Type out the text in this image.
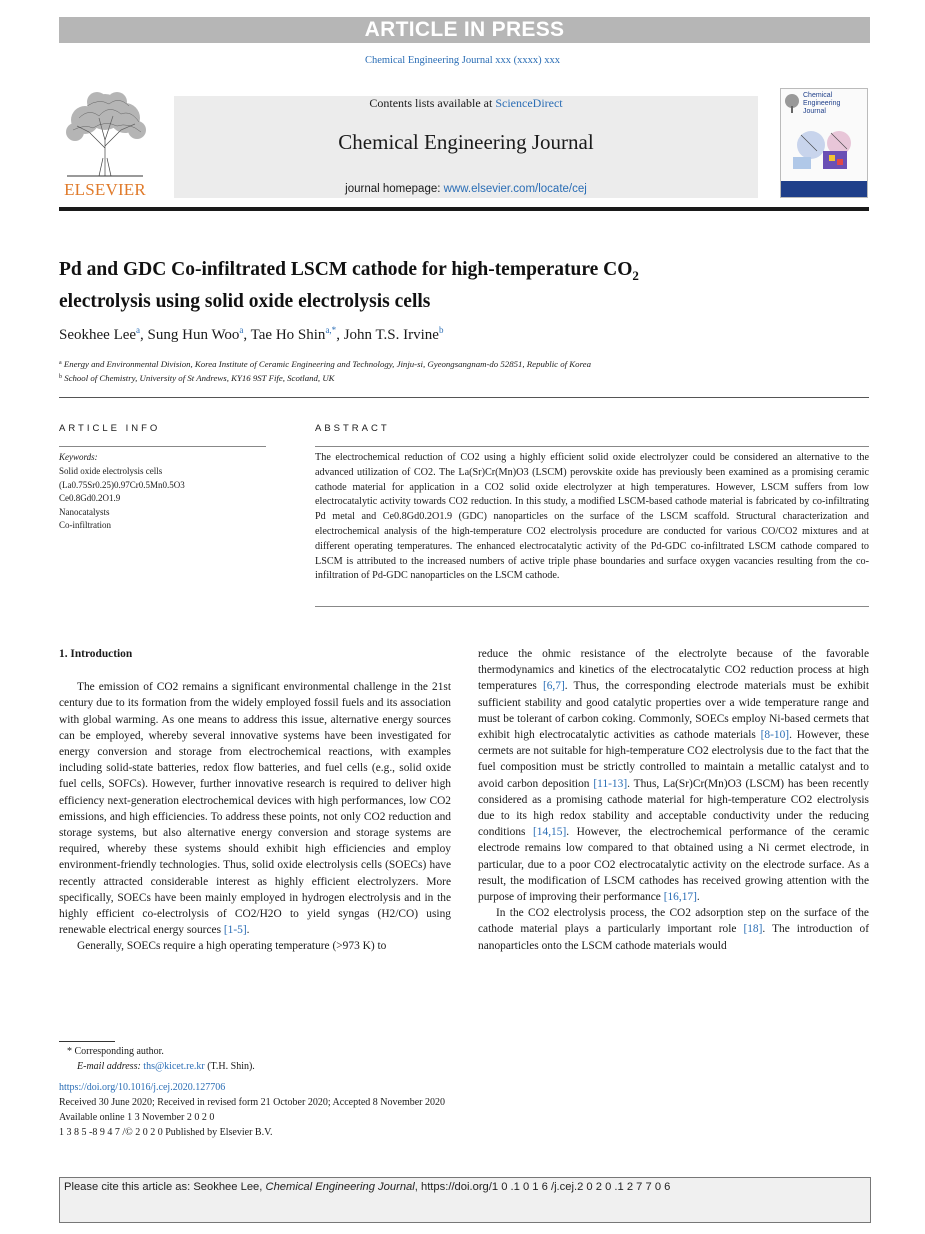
ARTICLE IN PRESS
Chemical Engineering Journal xxx (xxxx) xxx
ELSEVIER
Contents lists available at ScienceDirect
Chemical Engineering Journal
journal homepage: www.elsevier.com/locate/cej
Chemical
Engineering
Journal
Pd and GDC Co-infiltrated LSCM cathode for high-temperature $CO_2$
electrolysis using solid oxide electrolysis cells
Seokhee Lee$^a$, Sung Hun Woo$^a$, Tae Ho Shin$^{a,*}$, John T.S. Irvine$^b$
$^a$ Energy and Environmental Division, Korea Institute of Ceramic Engineering and Technology, Jinju-si, Gyeongsangnam-do 52851, Republic of Korea
$^b$ School of Chemistry, University of St Andrews, KY16 9ST Fife, Scotland, UK
ARTICLE INFO
Keywords:
Solid oxide electrolysis cells
(La0.75Sr0.25)0.97Cr0.5Mn0.5O3
Ce0.8Gd0.2O1.9
Nanocatalysts
Co-infiltration
ABSTRACT

The electrochemical reduction of CO2 using a highly efficient solid oxide electrolyzer could be considered an alternative to the advanced utilization of CO2. The La(Sr)Cr(Mn)O3 (LSCM) perovskite oxide has previously been examined as a promising ceramic cathode material for application in a CO2 solid oxide electrolyzer at high temperatures. However, LSCM suffers from low electrocatalytic activity towards CO2 reduction. In this study, a modified LSCM-based cathode material is fabricated by co-infiltrating Pd metal and Ce0.8Gd0.2O1.9 (GDC) nanoparticles on the surface of the LSCM scaffold. Structural characterization and electrochemical analysis of the high-temperature CO2 electrolysis procedure are conducted for various CO/CO2 mixtures and at different operating temperatures. The enhanced electrocatalytic activity of the Pd-GDC co-infiltrated LSCM cathode compared to LSCM is attributed to the increased numbers of active triple phase boundaries and surface oxygen vacancies resulting from the co-infiltration of Pd-GDC nanoparticles on the LSCM cathode.

1. Introduction

The emission of CO2 remains a significant environmental challenge in the 21st century due to its formation from the widely employed fossil fuels and its association with global warming. As one means to address this issue, alternative energy sources can be employed, whereby several innovative systems have been investigated for energy conversion and storage from electrochemical reactions, with examples including solid-state batteries, redox flow batteries, and fuel cells (e.g., solid oxide fuel cells, SOFCs). However, further innovative research is required to deliver high efficiency next-generation electrochemical devices with high performances, low CO2 emissions, and high efficiencies. To address these points, not only CO2 reduction and storage systems, but also alternative energy conversion and storage systems are required, whereby these systems should exhibit high efficiencies and employ environment-friendly technologies. Thus, solid oxide electrolysis cells (SOECs) have recently attracted considerable interest as highly efficient electrolyzers. More specifically, SOECs have been mainly employed in hydrogen electrolysis and in the highly efficient co-electrolysis of CO2/H2O to yield syngas (H2/CO) using renewable electrical energy sources [1-5].

Generally, SOECs require a high operating temperature (>973 K) to

reduce the ohmic resistance of the electrolyte because of the favorable thermodynamics and kinetics of the electrocatalytic CO2 reduction process at high temperatures [6,7]. Thus, the corresponding electrode materials must be exhibit sufficient stability and good catalytic properties over a wide temperature range and must be tolerant of carbon coking. Commonly, SOECs employ Ni-based cermets that exhibit high electrocatalytic activities as cathode materials [8-10]. However, these cermets are not suitable for high-temperature CO2 electrolysis due to the fact that the fuel composition must be strictly controlled to maintain a metallic catalyst and to avoid carbon deposition [11-13]. Thus, La(Sr)Cr(Mn)O3 (LSCM) has been recently considered as a promising cathode material for high-temperature CO2 electrolysis due to its high redox stability and acceptable conductivity under the reducing conditions [14,15]. However, the electrochemical performance of the ceramic electrode remains low compared to that obtained using a Ni cermet electrode, in particular, due to a poor CO2 electrocatalytic activity on the electrode surface. As a result, the modification of LSCM cathodes has received growing attention with the purpose of improving their performance [16,17].

In the CO2 electrolysis process, the CO2 adsorption step on the surface of the cathode material plays a particularly important role [18]. The introduction of nanoparticles onto the LSCM cathode materials would

* Corresponding author.
E-mail address: ths@kicet.re.kr (T.H. Shin).
https://doi.org/10.1016/j.cej.2020.127706
Received 30 June 2020; Received in revised form 21 October 2020; Accepted 8 November 2020
Available online 1 3 November 2 0 2 0
1 3 8 5 -8 9 4 7 /© 2 0 2 0 Published by Elsevier B.V.
Please cite this article as: Seokhee Lee, Chemical Engineering Journal, https://doi.org/1 0 .1 0 1 6 /j.cej.2 0 2 0 .1 2 7 7 0 6
